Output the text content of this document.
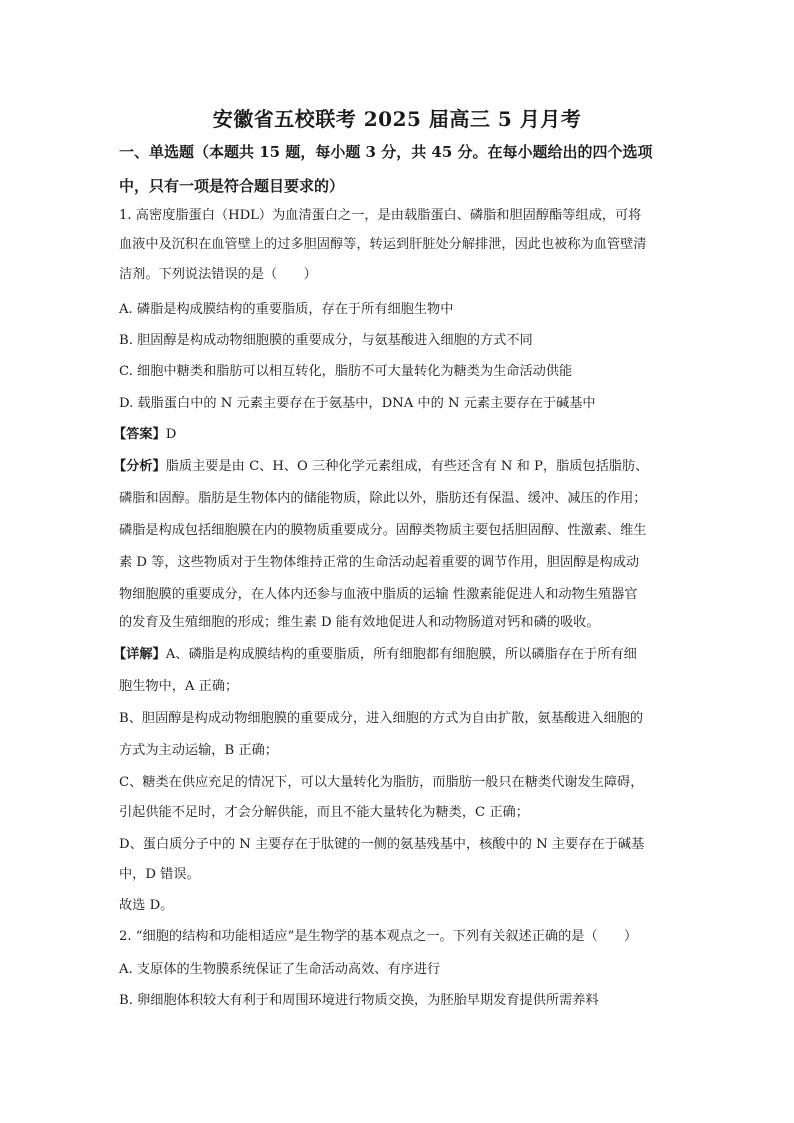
安徽省五校联考 2025 届高三 5 月月考
一、单选题（本题共 15 题，每小题 3 分，共 45 分。在每小题给出的四个选项
中，只有一项是符合题目要求的）
1. 高密度脂蛋白（HDL）为血清蛋白之一，是由载脂蛋白、磷脂和胆固醇酯等组成，可将
血液中及沉积在血管壁上的过多胆固醇等，转运到肝脏处分解排泄，因此也被称为血管壁清
洁剂。下列说法错误的是（　　）
A. 磷脂是构成膜结构的重要脂质，存在于所有细胞生物中
B. 胆固醇是构成动物细胞膜的重要成分，与氨基酸进入细胞的方式不同
C. 细胞中糖类和脂肪可以相互转化，脂肪不可大量转化为糖类为生命活动供能
D. 载脂蛋白中的 N 元素主要存在于氨基中，DNA 中的 N 元素主要存在于碱基中
【答案】D
【分析】脂质主要是由 C、H、O 三种化学元素组成，有些还含有 N 和 P，脂质包括脂肪、
磷脂和固醇。脂肪是生物体内的储能物质，除此以外，脂肪还有保温、缓冲、减压的作用；
磷脂是构成包括细胞膜在内的膜物质重要成分。固醇类物质主要包括胆固醇、性激素、维生
素 D 等，这些物质对于生物体维持正常的生命活动起着重要的调节作用，胆固醇是构成动
物细胞膜的重要成分，在人体内还参与血液中脂质的运输 性激素能促进人和动物生殖器官
的发育及生殖细胞的形成；维生素 D 能有效地促进人和动物肠道对钙和磷的吸收。
【详解】A、磷脂是构成膜结构的重要脂质，所有细胞都有细胞膜，所以磷脂存在于所有细
胞生物中，A 正确；
B、胆固醇是构成动物细胞膜的重要成分，进入细胞的方式为自由扩散，氨基酸进入细胞的
方式为主动运输，B 正确；
C、糖类在供应充足的情况下，可以大量转化为脂肪，而脂肪一般只在糖类代谢发生障碍，
引起供能不足时，才会分解供能，而且不能大量转化为糖类，C 正确；
D、蛋白质分子中的 N 主要存在于肽键的一侧的氨基残基中，核酸中的 N 主要存在于碱基
中，D 错误。
故选 D。
2. “细胞的结构和功能相适应”是生物学的基本观点之一。下列有关叙述正确的是（　　）
A. 支原体的生物膜系统保证了生命活动高效、有序进行
B. 卵细胞体积较大有利于和周围环境进行物质交换，为胚胎早期发育提供所需养料
